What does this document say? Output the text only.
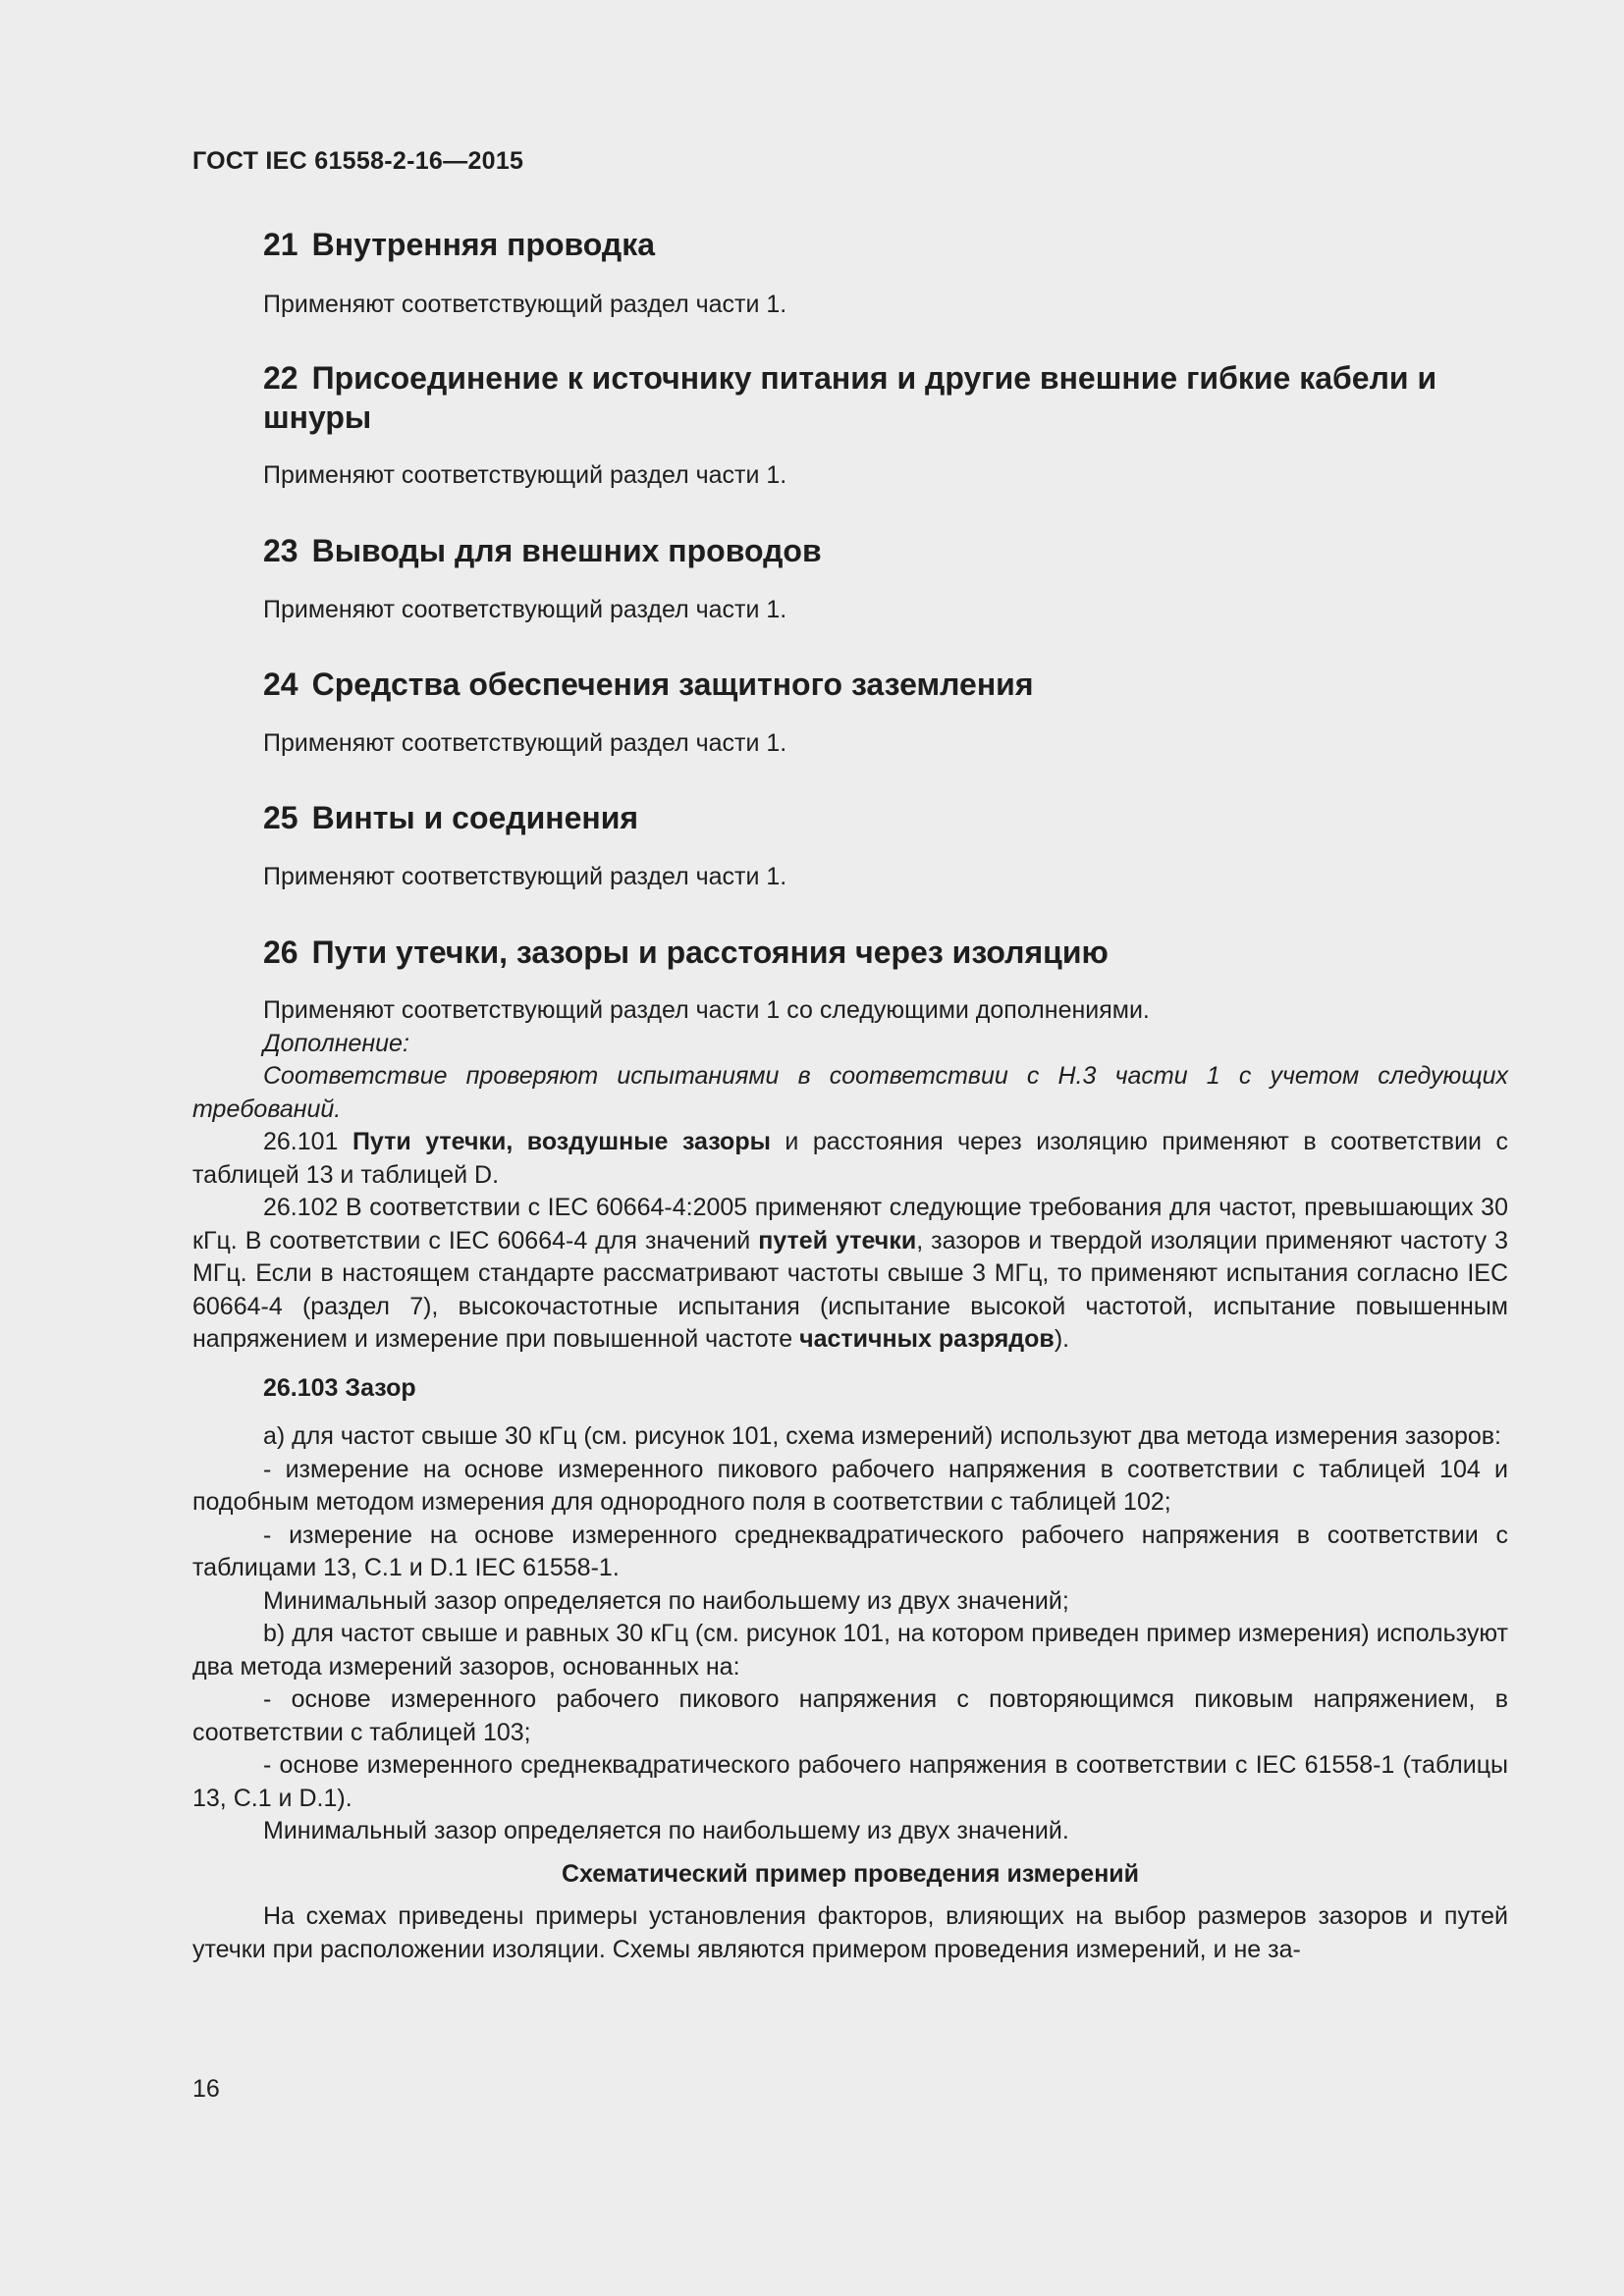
ГОСТ IEC 61558-2-16—2015

21 Внутренняя проводка

Применяют соответствующий раздел части 1.

22 Присоединение к источнику питания и другие внешние гибкие кабели и шнуры

Применяют соответствующий раздел части 1.

23 Выводы для внешних проводов

Применяют соответствующий раздел части 1.

24 Средства обеспечения защитного заземления

Применяют соответствующий раздел части 1.

25 Винты и соединения

Применяют соответствующий раздел части 1.

26 Пути утечки, зазоры и расстояния через изоляцию

Применяют соответствующий раздел части 1 со следующими дополнениями.

Дополнение:

Соответствие проверяют испытаниями в соответствии с Н.3 части 1 с учетом следующих требований.

26.101 Пути утечки, воздушные зазоры и расстояния через изоляцию применяют в соответствии с таблицей 13 и таблицей D.

26.102 В соответствии с IEC 60664-4:2005 применяют следующие требования для частот, превышающих 30 кГц. В соответствии с IEC 60664-4 для значений путей утечки, зазоров и твердой изоляции применяют частоту 3 МГц. Если в настоящем стандарте рассматривают частоты свыше 3 МГц, то применяют испытания согласно IEC 60664-4 (раздел 7), высокочастотные испытания (испытание высокой частотой, испытание повышенным напряжением и измерение при повышенной частоте частичных разрядов).

26.103 Зазор

а) для частот свыше 30 кГц (см. рисунок 101, схема измерений) используют два метода измерения зазоров:

- измерение на основе измеренного пикового рабочего напряжения в соответствии с таблицей 104 и подобным методом измерения для однородного поля в соответствии с таблицей 102;

- измерение на основе измеренного среднеквадратического рабочего напряжения в соответствии с таблицами 13, С.1 и D.1 IEC 61558-1.

Минимальный зазор определяется по наибольшему из двух значений;

b) для частот свыше и равных 30 кГц (см. рисунок 101, на котором приведен пример измерения) используют два метода измерений зазоров, основанных на:

- основе измеренного рабочего пикового напряжения с повторяющимся пиковым напряжением, в соответствии с таблицей 103;

- основе измеренного среднеквадратического рабочего напряжения в соответствии с IEC 61558-1 (таблицы 13, С.1 и D.1).

Минимальный зазор определяется по наибольшему из двух значений.

Схематический пример проведения измерений

На схемах приведены примеры установления факторов, влияющих на выбор размеров зазоров и путей утечки при расположении изоляции. Схемы являются примером проведения измерений, и не за-

16
